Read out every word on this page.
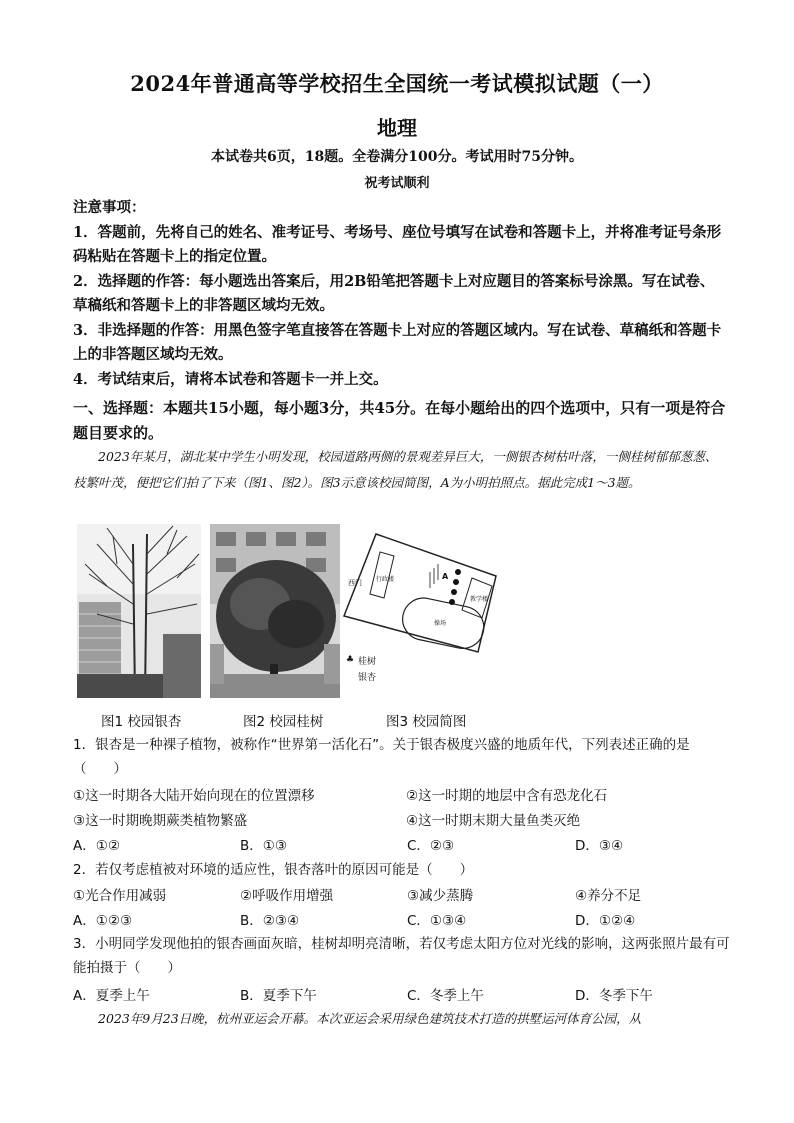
2024年普通高等学校招生全国统一考试模拟试题（一）
地理
本试卷共6页，18题。全卷满分100分。考试用时75分钟。
祝考试顺利

注意事项：

1．答题前，先将自己的姓名、准考证号、考场号、座位号填写在试卷和答题卡上，并将准考证号条形码粘贴在答题卡上的指定位置。

2．选择题的作答：每小题选出答案后，用2B铅笔把答题卡上对应题目的答案标号涂黑。写在试卷、草稿纸和答题卡上的非答题区域均无效。

3．非选择题的作答：用黑色签字笔直接答在答题卡上对应的答题区域内。写在试卷、草稿纸和答题卡上的非答题区域均无效。

4．考试结束后，请将本试卷和答题卡一并上交。

一、选择题：本题共15小题，每小题3分，共45分。在每小题给出的四个选项中，只有一项是符合题目要求的。

2023年某月，湖北某中学生小明发现，校园道路两侧的景观差异巨大，一侧银杏树枯叶落，一侧桂树郁郁葱葱、枝繁叶茂，便把它们拍了下来（图1、图2）。图3示意该校园简图，A为小明拍照点。据此完成1～3题。

西门 行政楼
教学楼
操场
A
♣ 桂树
银杏
图1 校园银杏	图2 校园桂树	图3 校园简图

1．银杏是一种裸子植物，被称作“世界第一活化石”。关于银杏极度兴盛的地质年代，下列表述正确的是（　　）

①这一时期各大陆开始向现在的位置漂移	②这一时期的地层中含有恐龙化石
③这一时期晚期蕨类植物繁盛	④这一时期末期大量鱼类灭绝
A．①②	B．①③	C．②③	D．③④

2．若仅考虑植被对环境的适应性，银杏落叶的原因可能是（　　）

①光合作用减弱	②呼吸作用增强	③减少蒸腾	④养分不足
A．①②③	B．②③④	C．①③④	D．①②④

3．小明同学发现他拍的银杏画面灰暗，桂树却明亮清晰，若仅考虑太阳方位对光线的影响，这两张照片最有可能拍摄于（　　）

A．夏季上午	B．夏季下午	C．冬季上午	D．冬季下午

2023年9月23日晚，杭州亚运会开幕。本次亚运会采用绿色建筑技术打造的拱墅运河体育公园，从
